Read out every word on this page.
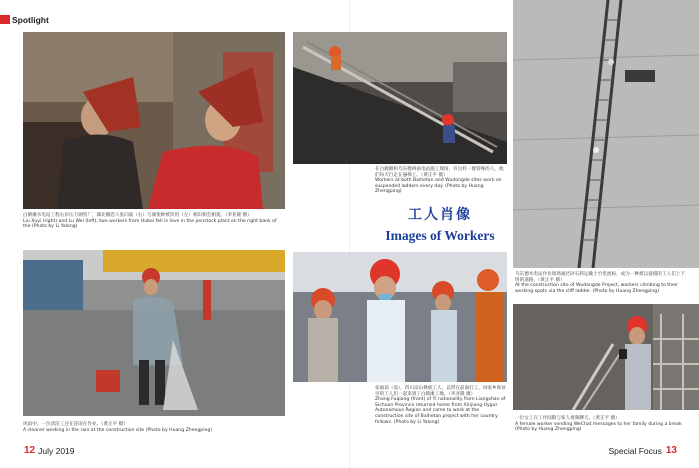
Spotlight
白鹤滩水电站工程右岸压力钢管厂，湖北籍恋人张向波（右）与颜悦欧被饮用（左）相识相会相爱。（李亚隆 摄）
Liu Xuyi (right) and Lu Wei (left), two workers from Hubei fell in love in the penstock plant on the right bank of the (Photo by Li Yalong)
在白鹤滩和乌东德两座电站施工现场，有这样一群特殊的人，他们每天行走在悬梯上。（黄正平 摄）
Workers at both Baihetan and Wudongde sites work on suspended ladders every day. (Photo by Huang Zhengping)
工人肖像
Images of Workers
乌东德水电站作业现场通过砂石料运输土竹里流标，成为一种难以捉摸的工人们上下班的道路。（黄正平 摄）
At the construction site of Wudongde Project, workers climbing to their working spots via the cliff ladder. (Photo by Huang Zhengping)
风雨中，一位清洁工还在冒雨在作业。（黄正平 摄）
A cleaner working in the rain at the construction site (Photo by Huang Zhengping)
张福琼（前），四川凉山彝族工人，以带在前面打工，回家乡和贫穷的工人们一起来到了白鹤滩工地。（李亚隆 摄）
Zhang Fuqiong (front) of Yi nationality from Liangshan of Sichuan Province returned home from Xinjiang Uygur Autonomous Region and came to work at the construction site of Baihetan project with her country fellows. (Photo by Li Yalong)
一位女工在工作间隙与家人视频聊天。（黄正平 摄）
A female worker sending WeChat messages to her family during a break (Photo by Huang Zhengping)
12 July 2019	Special Focus 13
